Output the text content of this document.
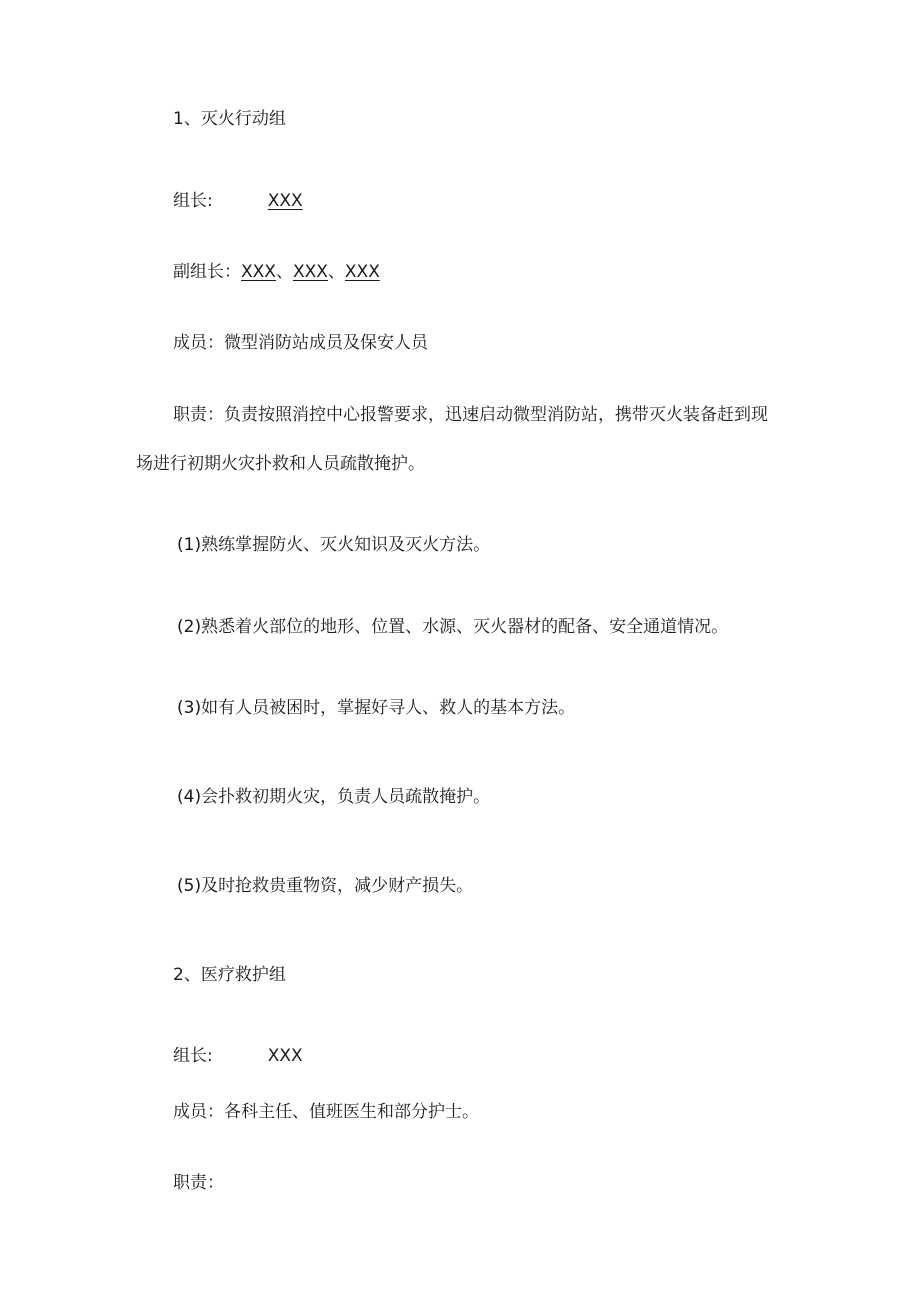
1、灭火行动组
组长:	XXX
副组长：XXX、XXX、XXX
成员：微型消防站成员及保安人员
职责：负责按照消控中心报警要求，迅速启动微型消防站，携带灭火装备赶到现
场进行初期火灾扑救和人员疏散掩护。
(1)熟练掌握防火、灭火知识及灭火方法。
(2)熟悉着火部位的地形、位置、水源、灭火器材的配备、安全通道情况。
(3)如有人员被困时，掌握好寻人、救人的基本方法。
(4)会扑救初期火灾，负责人员疏散掩护。
(5)及时抢救贵重物资，减少财产损失。
2、医疗救护组
组长:	XXX
成员：各科主任、值班医生和部分护士。
职责：
